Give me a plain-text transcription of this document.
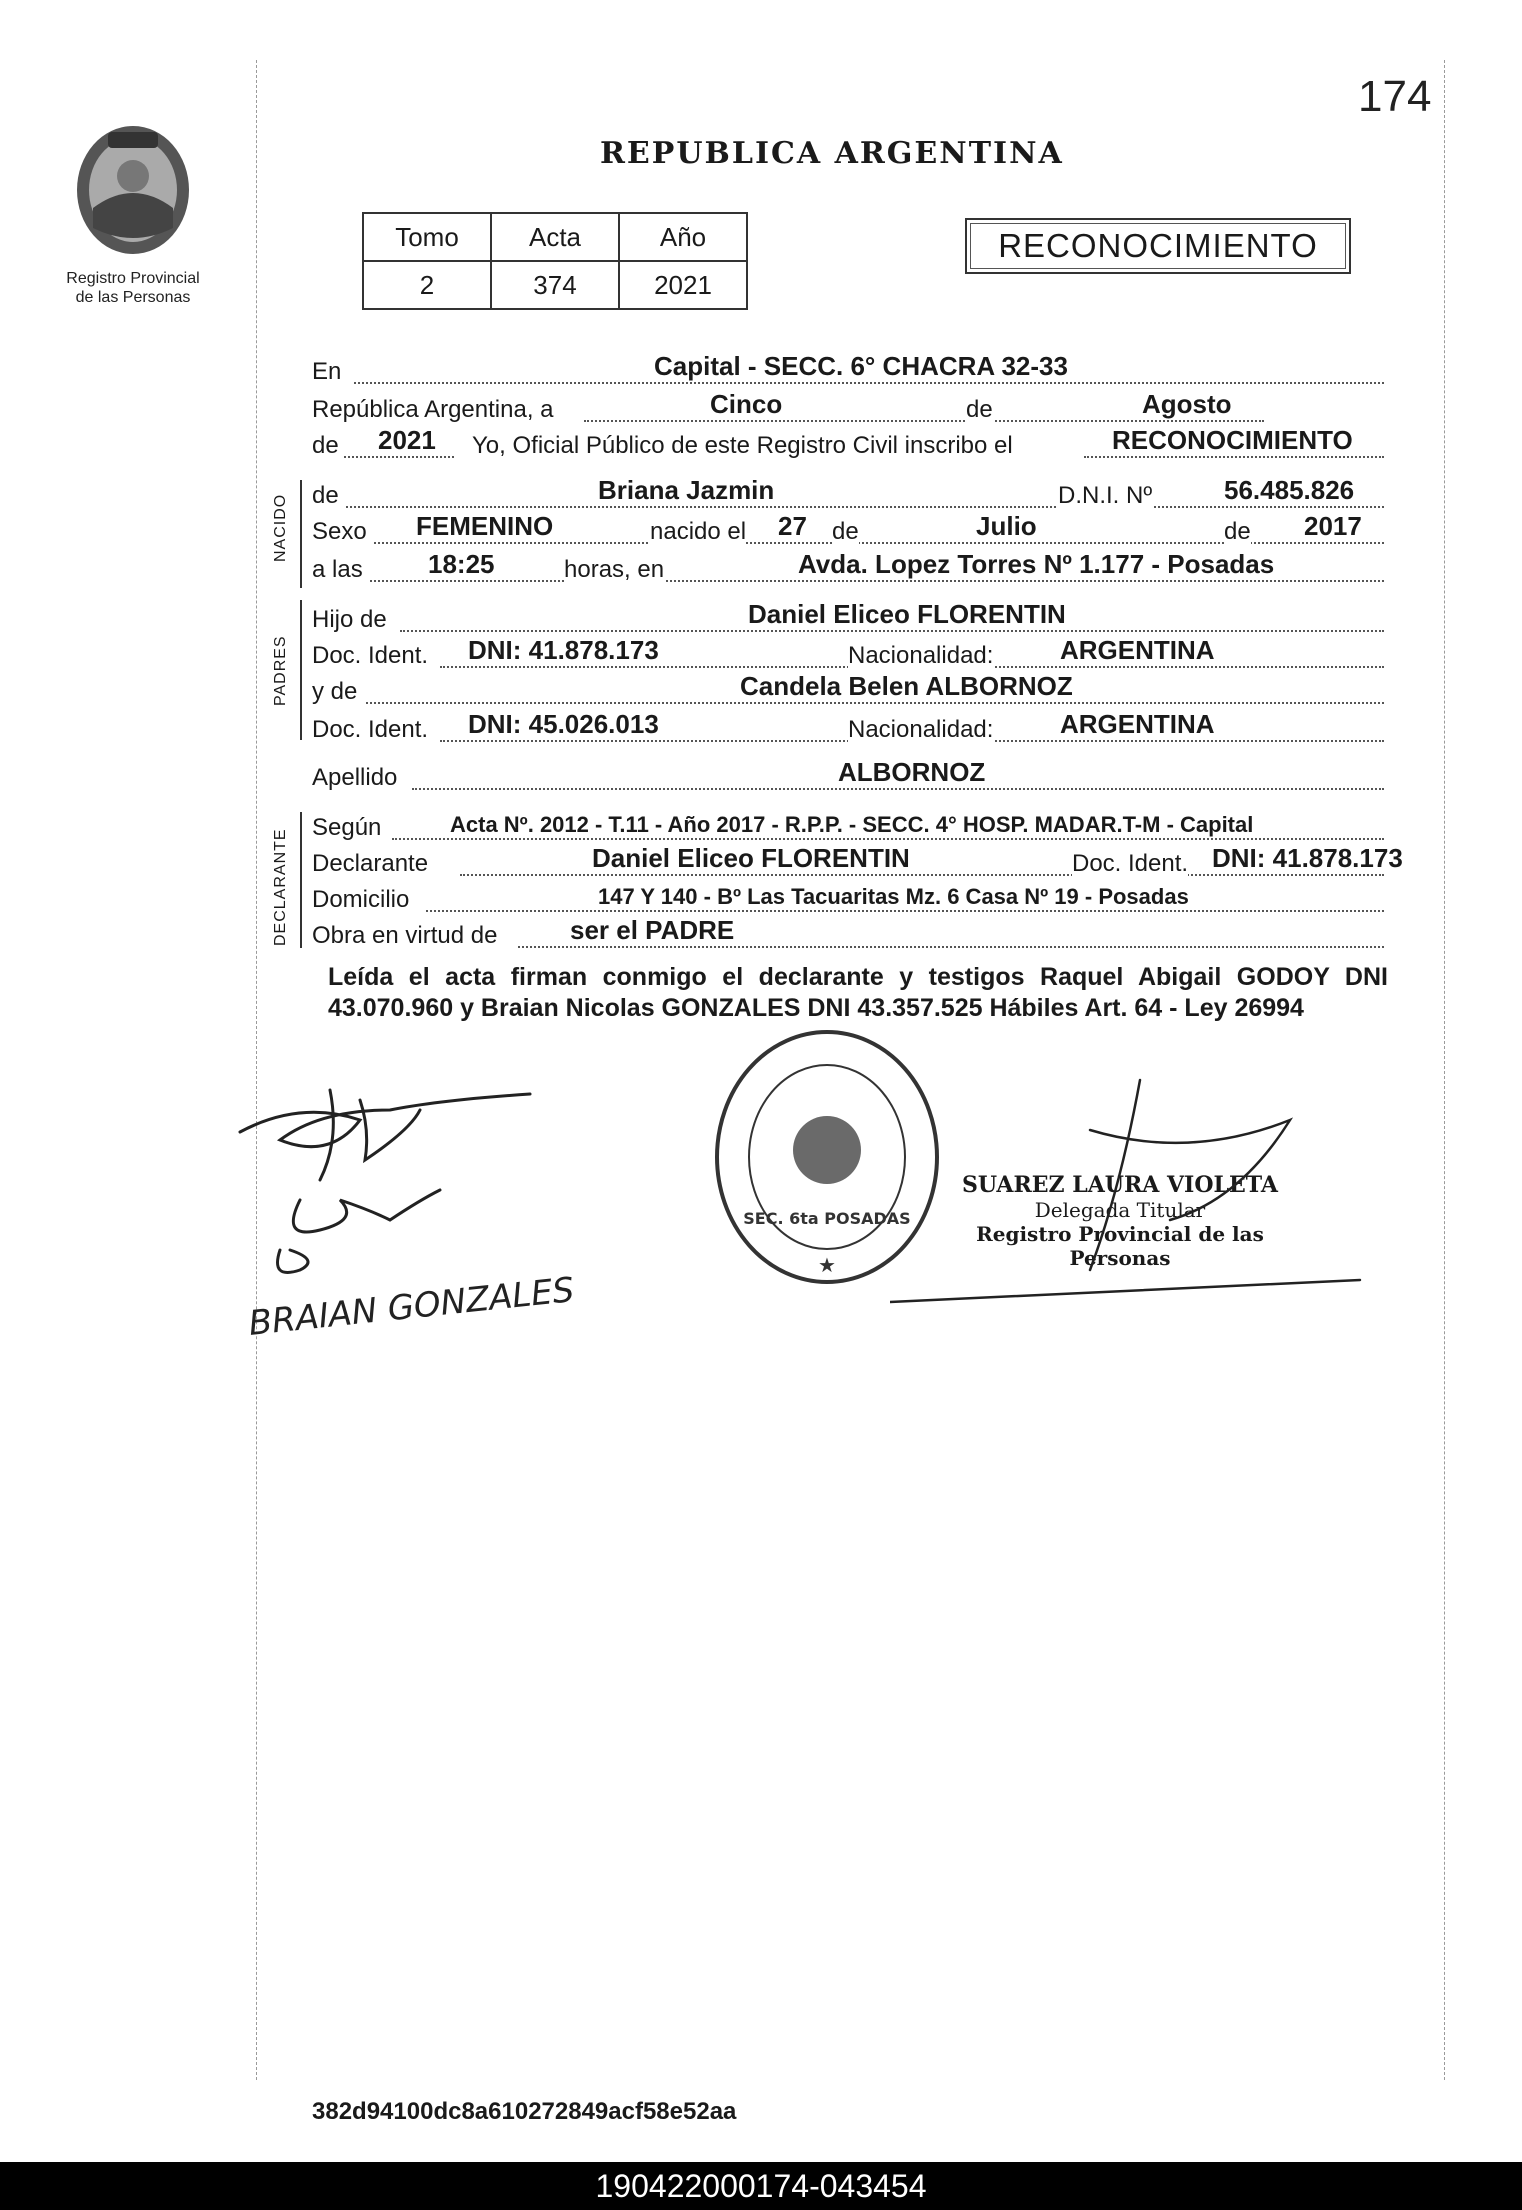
174
Registro Provincial
de las Personas
REPUBLICA ARGENTINA
Tomo	Acta	Año
2	374	2021
RECONOCIMIENTO
En	Capital - SECC. 6° CHACRA 32-33
República Argentina, a	Cinco	de	Agosto
de 2021 Yo, Oficial Público de este Registro Civil inscribo el	RECONOCIMIENTO
NACIDO de	Briana Jazmin	D.N.I. Nº	56.485.826
Sexo FEMENINO	nacido el 27 de	Julio	de 2017
a las	18:25	horas, en	Avda. Lopez Torres Nº 1.177 - Posadas
PADRES
Hijo de	Daniel Eliceo FLORENTIN
Doc. Ident. DNI: 41.878.173	Nacionalidad:	ARGENTINA
y de	Candela Belen ALBORNOZ
Doc. Ident. DNI: 45.026.013	Nacionalidad:	ARGENTINA
Apellido	ALBORNOZ
DECLARANTE
Según	Acta Nº. 2012 - T.11 - Año 2017 - R.P.P. - SECC. 4° HOSP. MADAR.T-M - Capital
Declarante	Daniel Eliceo FLORENTIN	Doc. Ident. DNI: 41.878.173
Domicilio	147 Y 140 - Bº Las Tacuaritas Mz. 6 Casa Nº 19 - Posadas
Obra en virtud de	ser el PADRE
Leída el acta firman conmigo el declarante y testigos Raquel Abigail GODOY DNI 43.070.960 y Braian Nicolas GONZALES DNI 43.357.525 Hábiles Art. 64 - Ley 26994
BRAIAN GONZALES
SEC. 6ta POSADAS
★
SUAREZ LAURA VIOLETA
Delegada Titular
Registro Provincial de las Personas
382d94100dc8a610272849acf58e52aa
190422000174-043454
